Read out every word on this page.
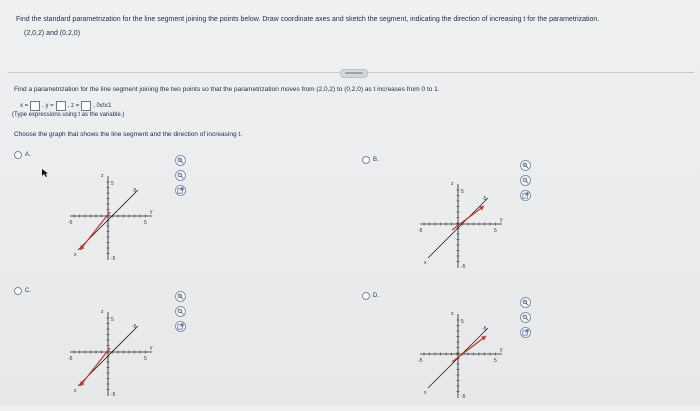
Find the standard parametrization for the line segment joining the points below. Draw coordinate axes and sketch the segment, indicating the direction of increasing t for the parametrization.
(2,0,2) and (0,2,0)
Find a parametrization for the line segment joining the two points so that the parametrization moves from (2,0,2) to (0,2,0) as t increases from 0 to 1.
x = , y = , z = , 0≤t≤1
(Type expressions using t as the variable.)
Choose the graph that shows the line segment and the direction of increasing t.
A.
B.
C.
D.
z
5
-5
y
-5	5
-5
x
z
5
-5
y
-5	5
-5
x
z
5
-5
y
-5	5
-5
x
z
5
-5
y
-5	5
-5
x
